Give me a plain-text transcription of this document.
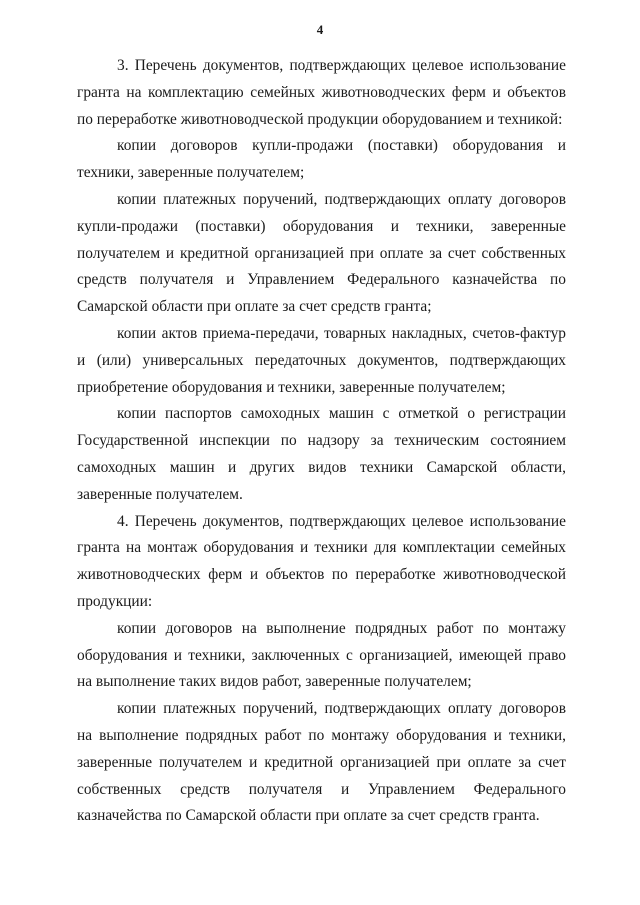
4

3. Перечень документов, подтверждающих целевое использование гранта на комплектацию семейных животноводческих ферм и объектов по переработке животноводческой продукции оборудованием и техникой:

копии договоров купли-продажи (поставки) оборудования и техники, заверенные получателем;

копии платежных поручений, подтверждающих оплату договоров купли-продажи (поставки) оборудования и техники, заверенные получателем и кредитной организацией при оплате за счет собственных средств получателя и Управлением Федерального казначейства по Самарской области при оплате за счет средств гранта;

копии актов приема-передачи, товарных накладных, счетов-фактур и (или) универсальных передаточных документов, подтверждающих приобретение оборудования и техники, заверенные получателем;

копии паспортов самоходных машин с отметкой о регистрации Государственной инспекции по надзору за техническим состоянием самоходных машин и других видов техники Самарской области, заверенные получателем.

4. Перечень документов, подтверждающих целевое использование гранта на монтаж оборудования и техники для комплектации семейных животноводческих ферм и объектов по переработке животноводческой продукции:

копии договоров на выполнение подрядных работ по монтажу оборудования и техники, заключенных с организацией, имеющей право на выполнение таких видов работ, заверенные получателем;

копии платежных поручений, подтверждающих оплату договоров на выполнение подрядных работ по монтажу оборудования и техники, заверенные получателем и кредитной организацией при оплате за счет собственных средств получателя и Управлением Федерального казначейства по Самарской области при оплате за счет средств гранта.
